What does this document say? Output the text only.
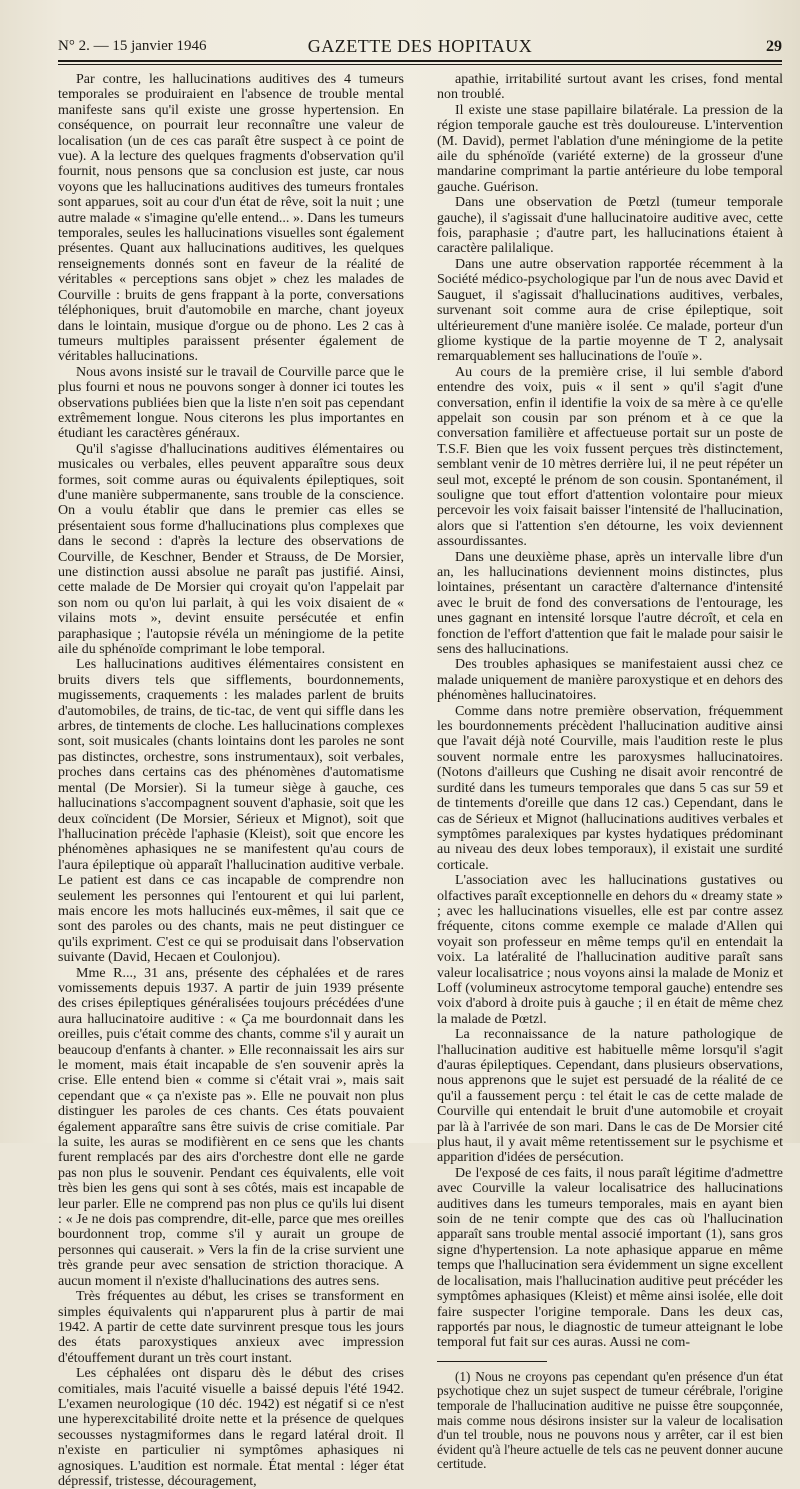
N° 2. — 15 janvier 1946	GAZETTE DES HOPITAUX	29

Par contre, les hallucinations auditives des 4 tumeurs temporales se produiraient en l'absence de trouble mental manifeste sans qu'il existe une grosse hypertension. En conséquence, on pourrait leur reconnaître une valeur de localisation (un de ces cas paraît être suspect à ce point de vue). A la lecture des quelques fragments d'observation qu'il fournit, nous pensons que sa conclusion est juste, car nous voyons que les hallucinations auditives des tumeurs frontales sont apparues, soit au cour d'un état de rêve, soit la nuit ; une autre malade « s'imagine qu'elle entend... ». Dans les tumeurs temporales, seules les hallucinations visuelles sont également présentes. Quant aux hallucinations auditives, les quelques renseignements donnés sont en faveur de la réalité de véritables « perceptions sans objet » chez les malades de Courville : bruits de gens frappant à la porte, conversations téléphoniques, bruit d'automobile en marche, chant joyeux dans le lointain, musique d'orgue ou de phono. Les 2 cas à tumeurs multiples paraissent présenter également de véritables hallucinations.

Nous avons insisté sur le travail de Courville parce que le plus fourni et nous ne pouvons songer à donner ici toutes les observations publiées bien que la liste n'en soit pas cependant extrêmement longue. Nous citerons les plus importantes en étudiant les caractères généraux.

Qu'il s'agisse d'hallucinations auditives élémentaires ou musicales ou verbales, elles peuvent apparaître sous deux formes, soit comme auras ou équivalents épileptiques, soit d'une manière subpermanente, sans trouble de la conscience. On a voulu établir que dans le premier cas elles se présentaient sous forme d'hallucinations plus complexes que dans le second : d'après la lecture des observations de Courville, de Keschner, Bender et Strauss, de De Morsier, une distinction aussi absolue ne paraît pas justifié. Ainsi, cette malade de De Morsier qui croyait qu'on l'appelait par son nom ou qu'on lui parlait, à qui les voix disaient de « vilains mots », devint ensuite persécutée et enfin paraphasique ; l'autopsie révéla un méningiome de la petite aile du sphénoïde comprimant le lobe temporal.

Les hallucinations auditives élémentaires consistent en bruits divers tels que sifflements, bourdonnements, mugissements, craquements : les malades parlent de bruits d'automobiles, de trains, de tic-tac, de vent qui siffle dans les arbres, de tintements de cloche. Les hallucinations complexes sont, soit musicales (chants lointains dont les paroles ne sont pas distinctes, orchestre, sons instrumentaux), soit verbales, proches dans certains cas des phénomènes d'automatisme mental (De Morsier). Si la tumeur siège à gauche, ces hallucinations s'accompagnent souvent d'aphasie, soit que les deux coïncident (De Morsier, Sérieux et Mignot), soit que l'hallucination précède l'aphasie (Kleist), soit que encore les phénomènes aphasiques ne se manifestent qu'au cours de l'aura épileptique où apparaît l'hallucination auditive verbale. Le patient est dans ce cas incapable de comprendre non seulement les personnes qui l'entourent et qui lui parlent, mais encore les mots hallucinés eux-mêmes, il sait que ce sont des paroles ou des chants, mais ne peut distinguer ce qu'ils expriment. C'est ce qui se produisait dans l'observation suivante (David, Hecaen et Coulonjou).

Mme R..., 31 ans, présente des céphalées et de rares vomissements depuis 1937. A partir de juin 1939 présente des crises épileptiques généralisées toujours précédées d'une aura hallucinatoire auditive : « Ça me bourdonnait dans les oreilles, puis c'était comme des chants, comme s'il y aurait un beaucoup d'enfants à chanter. » Elle reconnaissait les airs sur le moment, mais était incapable de s'en souvenir après la crise. Elle entend bien « comme si c'était vrai », mais sait cependant que « ça n'existe pas ». Elle ne pouvait non plus distinguer les paroles de ces chants. Ces états pouvaient également apparaître sans être suivis de crise comitiale. Par la suite, les auras se modifièrent en ce sens que les chants furent remplacés par des airs d'orchestre dont elle ne garde pas non plus le souvenir. Pendant ces équivalents, elle voit très bien les gens qui sont à ses côtés, mais est incapable de leur parler. Elle ne comprend pas non plus ce qu'ils lui disent : « Je ne dois pas comprendre, dit-elle, parce que mes oreilles bourdonnent trop, comme s'il y aurait un groupe de personnes qui causerait. » Vers la fin de la crise survient une très grande peur avec sensation de striction thoracique. A aucun moment il n'existe d'hallucinations des autres sens.

Très fréquentes au début, les crises se transforment en simples équivalents qui n'apparurent plus à partir de mai 1942. A partir de cette date survinrent presque tous les jours des états paroxystiques anxieux avec impression d'étouffement durant un très court instant.

Les céphalées ont disparu dès le début des crises comitiales, mais l'acuité visuelle a baissé depuis l'été 1942. L'examen neurologique (10 déc. 1942) est négatif si ce n'est une hyperexcitabilité droite nette et la présence de quelques secousses nystagmiformes dans le regard latéral droit. Il n'existe en particulier ni symptômes aphasiques ni agnosiques. L'audition est normale. État mental : léger état dépressif, tristesse, découragement,

apathie, irritabilité surtout avant les crises, fond mental non troublé.

Il existe une stase papillaire bilatérale. La pression de la région temporale gauche est très douloureuse. L'intervention (M. David), permet l'ablation d'une méningiome de la petite aile du sphénoïde (variété externe) de la grosseur d'une mandarine comprimant la partie antérieure du lobe temporal gauche. Guérison.

Dans une observation de Pœtzl (tumeur temporale gauche), il s'agissait d'une hallucinatoire auditive avec, cette fois, paraphasie ; d'autre part, les hallucinations étaient à caractère palilalique.

Dans une autre observation rapportée récemment à la Société médico-psychologique par l'un de nous avec David et Sauguet, il s'agissait d'hallucinations auditives, verbales, survenant soit comme aura de crise épileptique, soit ultérieurement d'une manière isolée. Ce malade, porteur d'un gliome kystique de la partie moyenne de T 2, analysait remarquablement ses hallucinations de l'ouïe ».

Au cours de la première crise, il lui semble d'abord entendre des voix, puis « il sent » qu'il s'agit d'une conversation, enfin il identifie la voix de sa mère à ce qu'elle appelait son cousin par son prénom et à ce que la conversation familière et affectueuse portait sur un poste de T.S.F. Bien que les voix fussent perçues très distinctement, semblant venir de 10 mètres derrière lui, il ne peut répéter un seul mot, excepté le prénom de son cousin. Spontanément, il souligne que tout effort d'attention volontaire pour mieux percevoir les voix faisait baisser l'intensité de l'hallucination, alors que si l'attention s'en détourne, les voix deviennent assourdissantes.

Dans une deuxième phase, après un intervalle libre d'un an, les hallucinations deviennent moins distinctes, plus lointaines, présentant un caractère d'alternance d'intensité avec le bruit de fond des conversations de l'entourage, les unes gagnant en intensité lorsque l'autre décroît, et cela en fonction de l'effort d'attention que fait le malade pour saisir le sens des hallucinations.

Des troubles aphasiques se manifestaient aussi chez ce malade uniquement de manière paroxystique et en dehors des phénomènes hallucinatoires.

Comme dans notre première observation, fréquemment les bourdonnements précèdent l'hallucination auditive ainsi que l'avait déjà noté Courville, mais l'audition reste le plus souvent normale entre les paroxysmes hallucinatoires. (Notons d'ailleurs que Cushing ne disait avoir rencontré de surdité dans les tumeurs temporales que dans 5 cas sur 59 et de tintements d'oreille que dans 12 cas.) Cependant, dans le cas de Sérieux et Mignot (hallucinations auditives verbales et symptômes paralexiques par kystes hydatiques prédominant au niveau des deux lobes temporaux), il existait une surdité corticale.

L'association avec les hallucinations gustatives ou olfactives paraît exceptionnelle en dehors du « dreamy state » ; avec les hallucinations visuelles, elle est par contre assez fréquente, citons comme exemple ce malade d'Allen qui voyait son professeur en même temps qu'il en entendait la voix. La latéralité de l'hallucination auditive paraît sans valeur localisatrice ; nous voyons ainsi la malade de Moniz et Loff (volumineux astrocytome temporal gauche) entendre ses voix d'abord à droite puis à gauche ; il en était de même chez la malade de Pœtzl.

La reconnaissance de la nature pathologique de l'hallucination auditive est habituelle même lorsqu'il s'agit d'auras épileptiques. Cependant, dans plusieurs observations, nous apprenons que le sujet est persuadé de la réalité de ce qu'il a faussement perçu : tel était le cas de cette malade de Courville qui entendait le bruit d'une automobile et croyait par là à l'arrivée de son mari. Dans le cas de De Morsier cité plus haut, il y avait même retentissement sur le psychisme et apparition d'idées de persécution.

De l'exposé de ces faits, il nous paraît légitime d'admettre avec Courville la valeur localisatrice des hallucinations auditives dans les tumeurs temporales, mais en ayant bien soin de ne tenir compte que des cas où l'hallucination apparaît sans trouble mental associé important (1), sans gros signe d'hypertension. La note aphasique apparue en même temps que l'hallucination sera évidemment un signe excellent de localisation, mais l'hallucination auditive peut précéder les symptômes aphasiques (Kleist) et même ainsi isolée, elle doit faire suspecter l'origine temporale. Dans les deux cas, rapportés par nous, le diagnostic de tumeur atteignant le lobe temporal fut fait sur ces auras. Aussi ne com-

(1) Nous ne croyons pas cependant qu'en présence d'un état psychotique chez un sujet suspect de tumeur cérébrale, l'origine temporale de l'hallucination auditive ne puisse être soupçonnée, mais comme nous désirons insister sur la valeur de localisation d'un tel trouble, nous ne pouvons nous y arrêter, car il est bien évident qu'à l'heure actuelle de tels cas ne peuvent donner aucune certitude.
